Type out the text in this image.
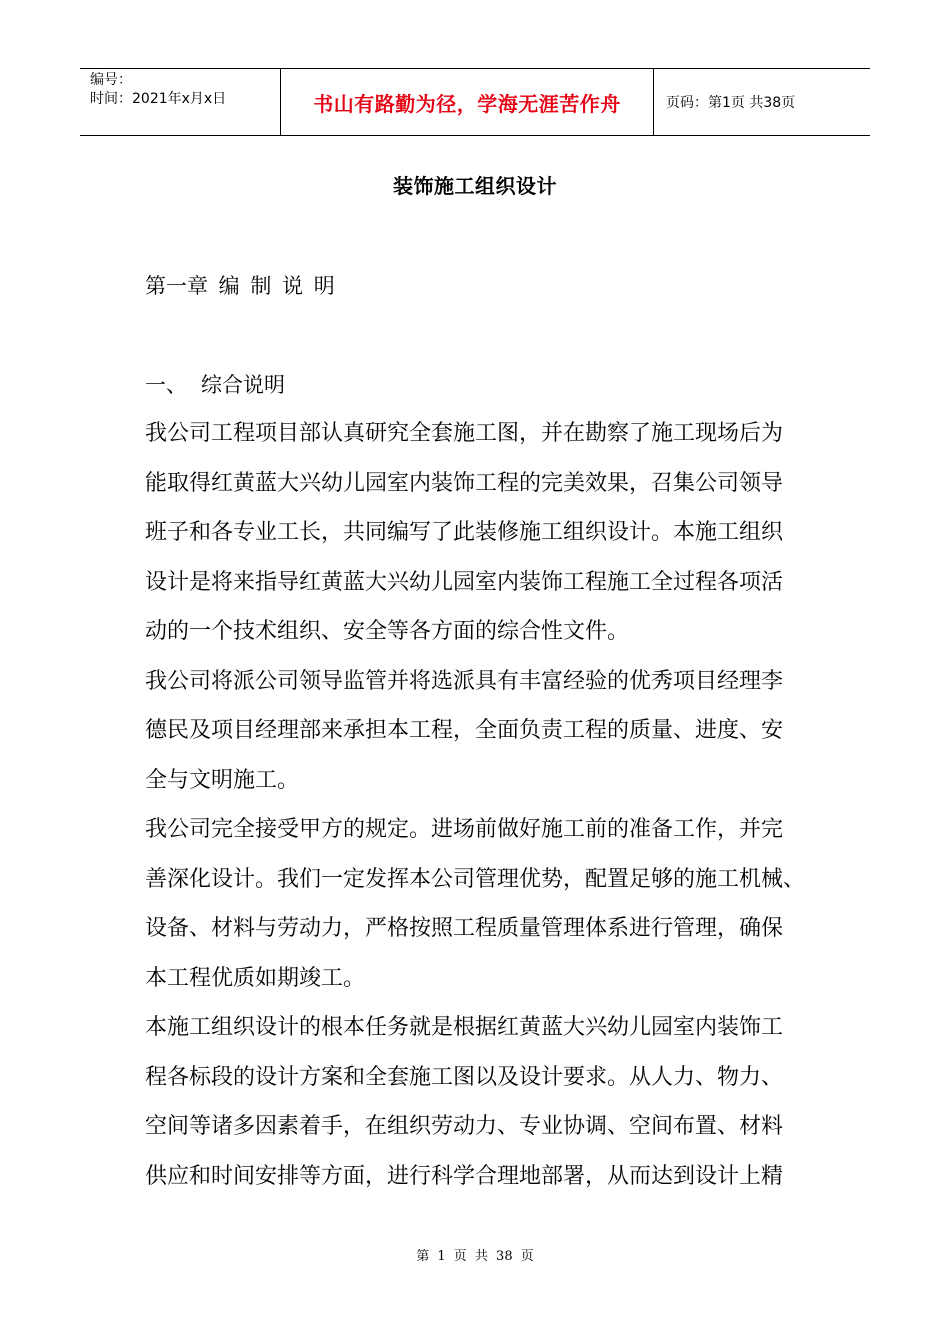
编号：
时间：2021年x月x日	书山有路勤为径，学海无涯苦作舟	页码：第1页 共38页
装饰施工组织设计
第一章 编 制 说 明
一、 综合说明
我公司工程项目部认真研究全套施工图，并在勘察了施工现场后为
能取得红黄蓝大兴幼儿园室内装饰工程的完美效果，召集公司领导
班子和各专业工长，共同编写了此装修施工组织设计。本施工组织
设计是将来指导红黄蓝大兴幼儿园室内装饰工程施工全过程各项活
动的一个技术组织、安全等各方面的综合性文件。
我公司将派公司领导监管并将选派具有丰富经验的优秀项目经理李
德民及项目经理部来承担本工程，全面负责工程的质量、进度、安
全与文明施工。
我公司完全接受甲方的规定。进场前做好施工前的准备工作，并完
善深化设计。我们一定发挥本公司管理优势，配置足够的施工机械、
设备、材料与劳动力，严格按照工程质量管理体系进行管理，确保
本工程优质如期竣工。
本施工组织设计的根本任务就是根据红黄蓝大兴幼儿园室内装饰工
程各标段的设计方案和全套施工图以及设计要求。从人力、物力、
空间等诸多因素着手，在组织劳动力、专业协调、空间布置、材料
供应和时间安排等方面，进行科学合理地部署，从而达到设计上精
第 1 页 共 38 页
